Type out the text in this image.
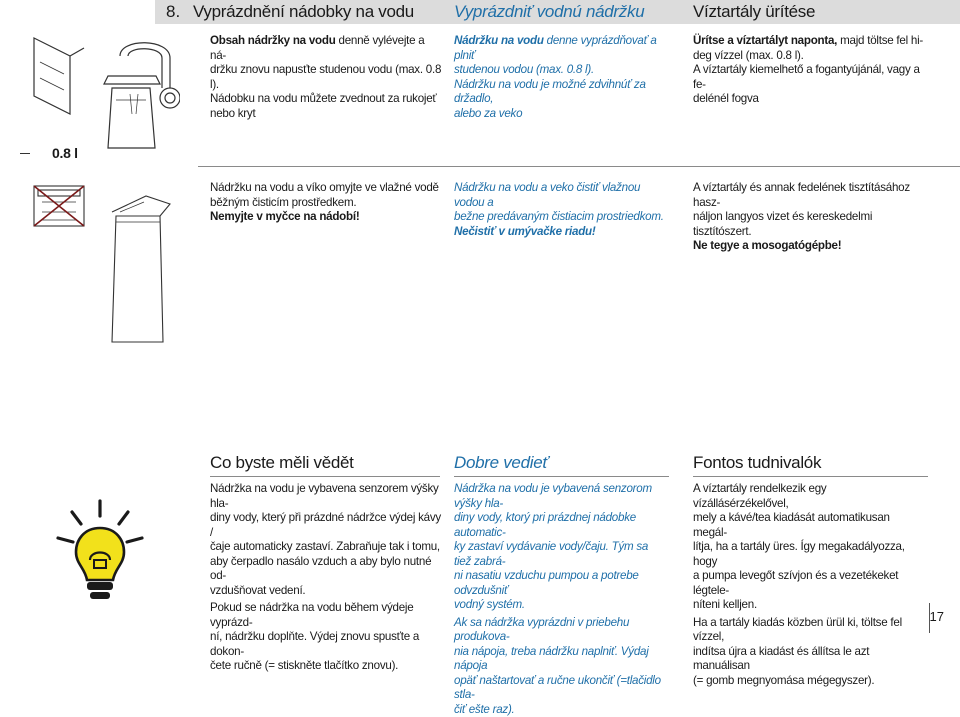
8. Vyprázdnění nádobky na vodu Vyprázdniť vodnú nádržku	Víztartály ürítése
0.8 l

Obsah nádržky na vodu denně vylévejte a ná-

držku znovu napusťte studenou vodu (max. 0.8 l).

Nádobku na vodu můžete zvednout za rukojeť

nebo kryt

Nádržku na vodu denne vyprázdňovať a plniť

studenou vodou (max. 0.8 l).

Nádržku na vodu je možné zdvihnúť za držadlo,

alebo za veko

Ürítse a víztartályt naponta, majd töltse fel hi-

deg vízzel (max. 0.8 l).

A víztartály kiemelhető a fogantyújánál, vagy a fe-

delénél fogva

Nádržku na vodu a víko omyjte ve vlažné vodě

běžným čisticím prostředkem.

Nemyjte v myčce na nádobí!

Nádržku na vodu a veko čistiť vlažnou vodou a

bežne predávaným čistiacim prostriedkom.

Nečistiť v umývačke riadu!

A víztartály és annak fedelének tisztításához hasz-

náljon langyos vizet és kereskedelmi tisztítószert.

Ne tegye a mosogatógépbe!

Co byste měli vědět	Dobre vedieť	Fontos tudnivalók

Nádržka na vodu je vybavena senzorem výšky hla-

diny vody, který při prázdné nádržce výdej kávy /

čaje automaticky zastaví. Zabraňuje tak i tomu,

aby čerpadlo nasálo vzduch a aby bylo nutné od-

vzdušňovat vedení.

Pokud se nádržka na vodu během výdeje vyprázd-

ní, nádržku doplňte. Výdej znovu spusťte a dokon-

čete ručně (= stiskněte tlačítko znovu).

Nádržka na vodu je vybavená senzorom výšky hla-

diny vody, ktorý pri prázdnej nádobke automatic-

ky zastaví vydávanie vody/čaju. Tým sa tiež zabrá-

ni nasatiu vzduchu pumpou a potrebe odvzdušniť

vodný systém.

Ak sa nádržka vyprázdni v priebehu produkova-

nia nápoja, treba nádržku naplniť. Výdaj nápoja

opäť naštartovať a ručne ukončiť (=tlačidlo stla-

čiť ešte raz).

A víztartály rendelkezik egy vízállásérzékelővel,

mely a kávé/tea kiadását automatikusan megál-

lítja, ha a tartály üres. Így megakadályozza, hogy

a pumpa levegőt szívjon és a vezetékeket légtele-

níteni kelljen.

Ha a tartály kiadás közben ürül ki, töltse fel vízzel,

indítsa újra a kiadást és állítsa le azt manuálisan

(= gomb megnyomása mégegyszer).

17
